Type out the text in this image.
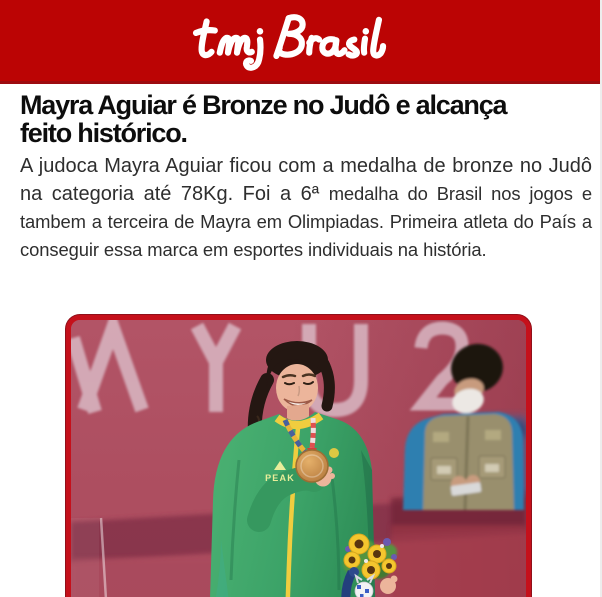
Mayra Aguiar é Bronze no Judô e alcança
feito histórico.

A judoca Mayra Aguiar ficou com a medalha de bronze no Judô na categoria até 78Kg. Foi a 6ª medalha do Brasil nos jogos e tambem a terceira de Mayra em Olimpiadas. Primeira atleta do País a conseguir essa marca em esportes individuais na história.

PEAK
